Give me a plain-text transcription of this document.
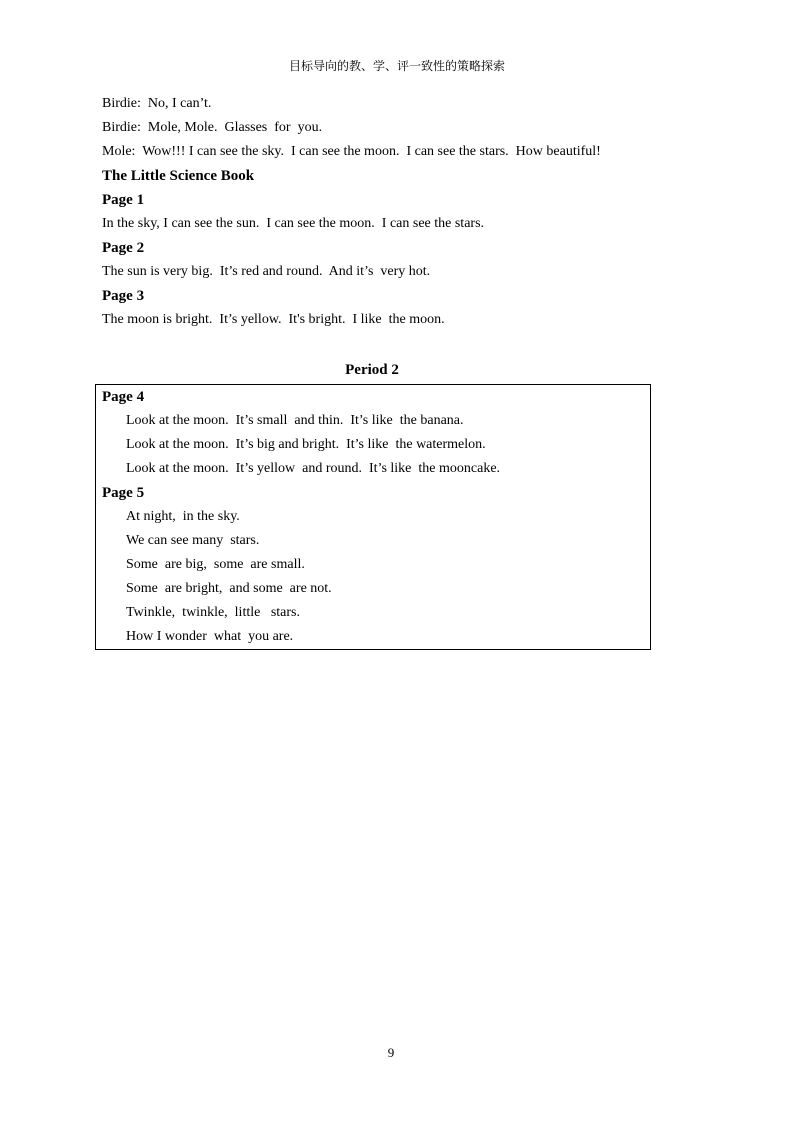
目标导向的教、学、评一致性的策略探索
Birdie:  No, I can’t.
Birdie:  Mole, Mole.  Glasses  for  you.
Mole:  Wow!!! I can see the sky.  I can see the moon.  I can see the stars.  How beautiful!
The Little Science Book
Page 1
In the sky, I can see the sun.  I can see the moon.  I can see the stars.
Page 2
The sun is very big.  It’s red and round.  And it’s  very hot.
Page 3
The moon is bright.  It’s yellow.  It's bright.  I like  the moon.
Period 2
Page 4
Look at the moon.  It’s small  and thin.  It’s like  the banana.
Look at the moon.  It’s big and bright.  It’s like  the watermelon.
Look at the moon.  It’s yellow  and round.  It’s like  the mooncake.
Page 5
At night,  in the sky.
We can see many  stars.
Some  are big,  some  are small.
Some  are bright,  and some  are not.
Twinkle,  twinkle,  little   stars.
How I wonder  what  you are.
9
